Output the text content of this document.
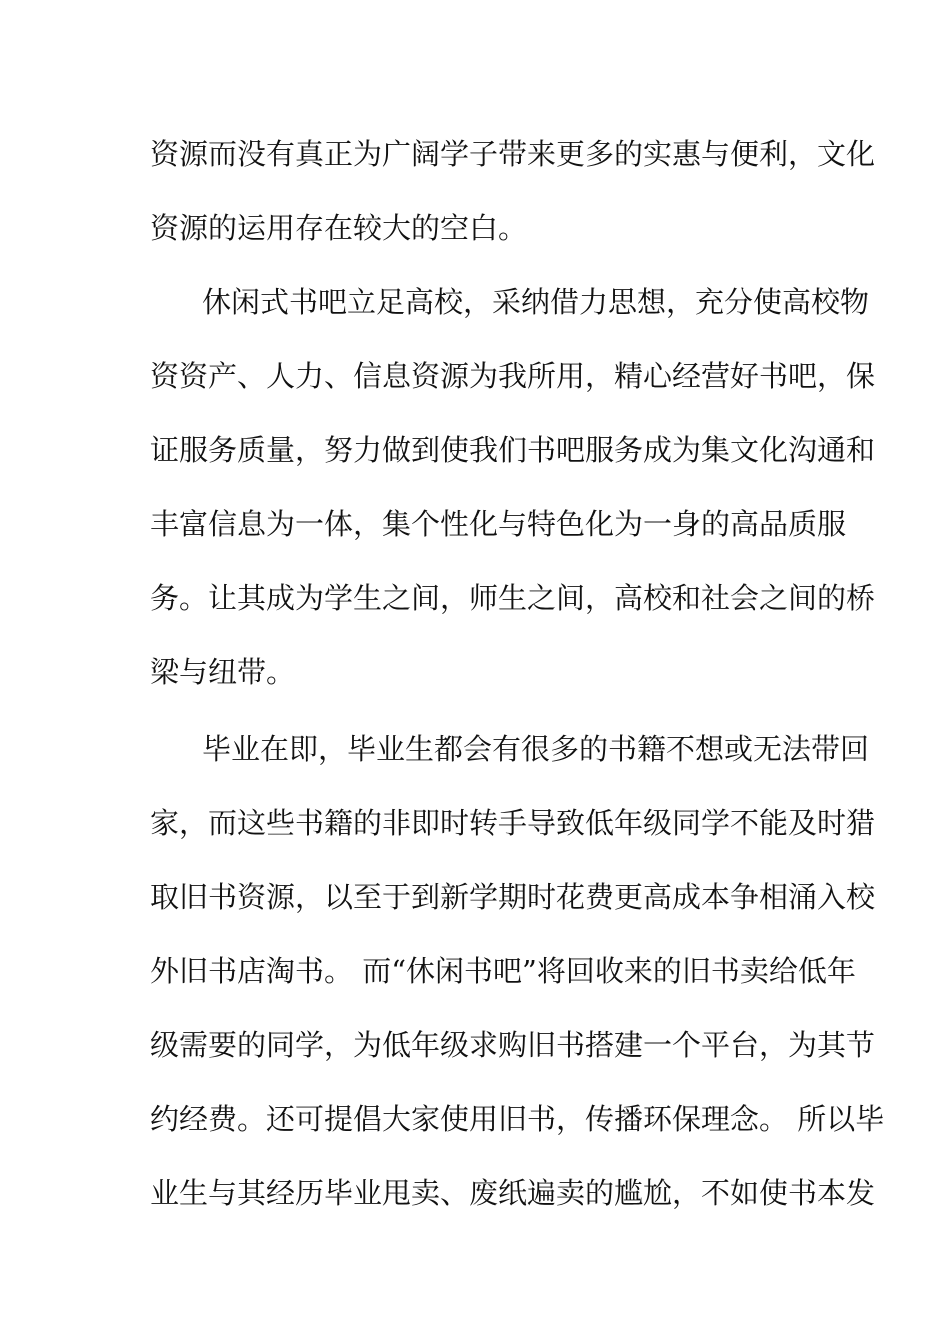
资源而没有真正为广阔学子带来更多的实惠与便利，文化
资源的运用存在较大的空白。
休闲式书吧立足高校，采纳借力思想，充分使高校物
资资产、人力、信息资源为我所用，精心经营好书吧，保
证服务质量，努力做到使我们书吧服务成为集文化沟通和
丰富信息为一体，集个性化与特色化为一身的高品质服
务。让其成为学生之间，师生之间，高校和社会之间的桥
梁与纽带。
毕业在即，毕业生都会有很多的书籍不想或无法带回
家，而这些书籍的非即时转手导致低年级同学不能及时猎
取旧书资源，以至于到新学期时花费更高成本争相涌入校
外旧书店淘书。 而“休闲书吧”将回收来的旧书卖给低年
级需要的同学，为低年级求购旧书搭建一个平台，为其节
约经费。还可提倡大家使用旧书，传播环保理念。 所以毕
业生与其经历毕业甩卖、废纸遍卖的尴尬，不如使书本发
